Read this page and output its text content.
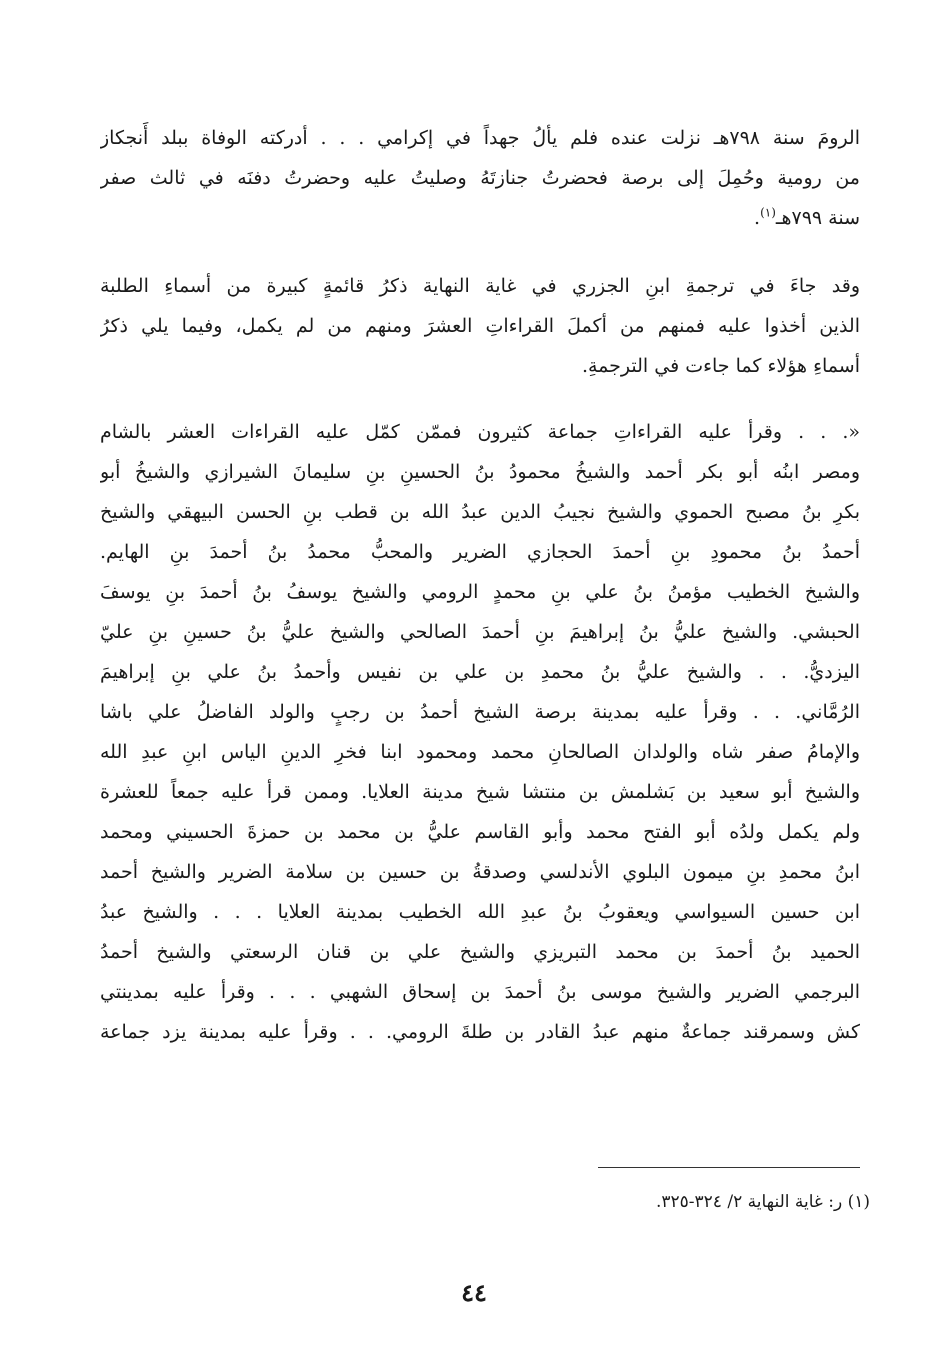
الرومَ سنة ٧٩٨هـ نزلت عنده فلم يألُ جهداً في إكرامي . . . أدركته الوفاة ببلد أَنجكاز
من رومية وحُمِلَ إلى برصة فحضرتُ جنازتَهُ وصليتُ عليه وحضرتُ دفنَه في ثالث صفر
سنة ٧٩٩هـ$^{(١)}$.
وقد جاءَ في ترجمةِ ابنِ الجزري في غاية النهاية ذكرُ قائمةٍ كبيرة من أسماءِ الطلبة
الذين أخذوا عليه فمنهم من أكملَ القراءاتِ العشرَ ومنهم من لم يكمل، وفيما يلي ذكرُ
أسماءِ هؤلاء كما جاءت في الترجمةِ.
«. . . وقرأ عليه القراءاتِ جماعة كثيرون فممّن كمّل عليه القراءات العشر بالشام
ومصر ابنُه أبو بكر أحمد والشيخُ محمودُ بنُ الحسينِ بنِ سليمانَ الشيرازي والشيخُ أبو
بكرِ بنُ مصبح الحموي والشيخ نجيبُ الدين عبدُ الله بن قطب بنِ الحسن البيهقي والشيخ
أحمدُ بنُ محمودِ بنِ أحمدَ الحجازي الضرير والمحبُّ محمدُ بنُ أحمدَ بنِ الهايم.
والشيخ الخطيب مؤمنُ بنُ علي بنِ محمدٍ الرومي والشيخ يوسفُ بنُ أحمدَ بنِ يوسفَ
الحبشي. والشيخ عليُّ بنُ إبراهيمَ بنِ أحمدَ الصالحي والشيخ عليُّ بنُ حسينِ بنِ عليّ
اليزديُّ. . . والشيخ عليُّ بنُ محمدِ بن علي بن نفيس وأحمدُ بنُ علي بنِ إبراهيمَ
الرُمَّاني. . . وقرأ عليه بمدينة برصة الشيخ أحمدُ بن رجبٍ والولد الفاضلُ علي باشا
والإمامُ صفر شاه والولدان الصالحانِ محمد ومحمود ابنا فخرِ الدينِ الياس ابنِ عبدِ الله
والشيخ أبو سعيد بن بَشلمش بن منتشا شيخ مدينة العلايا. وممن قرأ عليه جمعاً للعشرة
ولم يكمل ولدُه أبو الفتح محمد وأبو القاسم عليُّ بن محمد بن حمزةَ الحسيني ومحمد
ابنُ محمدِ بنِ ميمون البلوي الأندلسي وصدقةُ بن حسين بن سلامة الضرير والشيخ أحمد
ابن حسين السيواسي ويعقوبُ بنُ عبدِ الله الخطيب بمدينة العلايا . . . والشيخ عبدُ
الحميد بنُ أحمدَ بن محمد التبريزي والشيخ علي بن قنان الرسعتي والشيخ أحمدُ
البرجمي الضرير والشيخ موسى بنُ أحمدَ بن إسحاق الشهبي . . . وقرأ عليه بمدينتي
كش وسمرقند جماعةٌ منهم عبدُ القادر بن طلةَ الرومي. . . وقرأ عليه بمدينة يزد جماعة
(١) ر: غاية النهاية ٢/ ٣٢٤-٣٢٥.
٤٤
